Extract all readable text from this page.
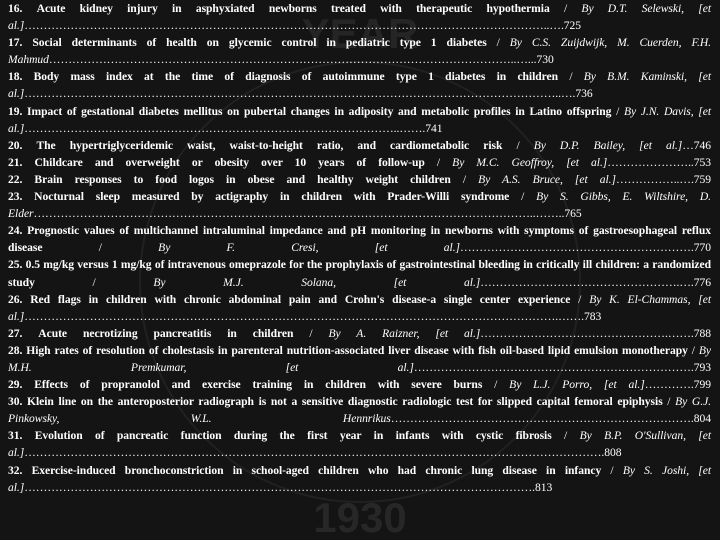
YEAR
1930

16. Acute kidney injury in asphyxiated newborns treated with therapeutic hypothermia / By D.T. Selewski, [et al.]………………………………………………………………………………………………………………………..….725

17. Social determinants of health on glycemic control in pediatric type 1 diabetes / By C.S. Zuijdwijk, M. Cuerden, F.H. Mahmud…………………………………………………………………………………………………………..…...730

18. Body mass index at the time of diagnosis of autoimmune type 1 diabetes in children / By B.M. Kaminski, [et al.]…………………………………………………………………………………………………………………………..….736

19. Impact of gestational diabetes mellitus on pubertal changes in adiposity and metabolic profiles in Latino offspring / By J.N. Davis, [et al.]……………………………………………………………………………………..…….741

20. The hypertriglyceridemic waist, waist-to-height ratio, and cardiometabolic risk / By D.P. Bailey, [et al.]…746

21. Childcare and overweight or obesity over 10 years of follow-up / By M.C. Geoffroy, [et al.]…………………..753

22. Brain responses to food logos in obese and healthy weight children / By A.S. Bruce, [et al.]……………..….759

23. Nocturnal sleep measured by actigraphy in children with Prader-Willi syndrome / By S. Gibbs, E. Wiltshire, D. Elder…………………………………………………………………………………………………………………..……..765

24. Prognostic values of multichannel intraluminal impedance and pH monitoring in newborns with symptoms of gastroesophageal reflux disease / By F. Cresi, [et al.]…………………………………………………….770

25. 0.5 mg/kg versus 1 mg/kg of intravenous omeprazole for the prophylaxis of gastrointestinal bleeding in critically ill children: a randomized study / By M.J. Solana, [et al.]…………………………………………….….776

26. Red flags in children with chronic abdominal pain and Crohn's disease-a single center experience / By K. El-Chammas, [et al.]………………………………………………………………………………………………………………………….…….783

27. Acute necrotizing pancreatitis in children / By A. Raizner, [et al.]………………………………………….…….788

28. High rates of resolution of cholestasis in parenteral nutrition-associated liver disease with fish oil-based lipid emulsion monotherapy / By M.H. Premkumar, [et al.]……………………………………………………………….793

29. Effects of propranolol and exercise training in children with severe burns / By L.J. Porro, [et al.]………….799

30. Klein line on the anteroposterior radiograph is not a sensitive diagnostic radiologic test for slipped capital femoral epiphysis / By G.J. Pinkowsky, W.L. Hennrikus…………………………………………………………………….804

31. Evolution of pancreatic function during the first year in infants with cystic fibrosis / By B.P. O'Sullivan, [et al.]…………………………………………………………………………………………………………………………………….808

32. Exercise-induced bronchoconstriction in school-aged children who had chronic lung disease in infancy / By S. Joshi, [et al.]…………………………………………………………………………………………………………………….813
